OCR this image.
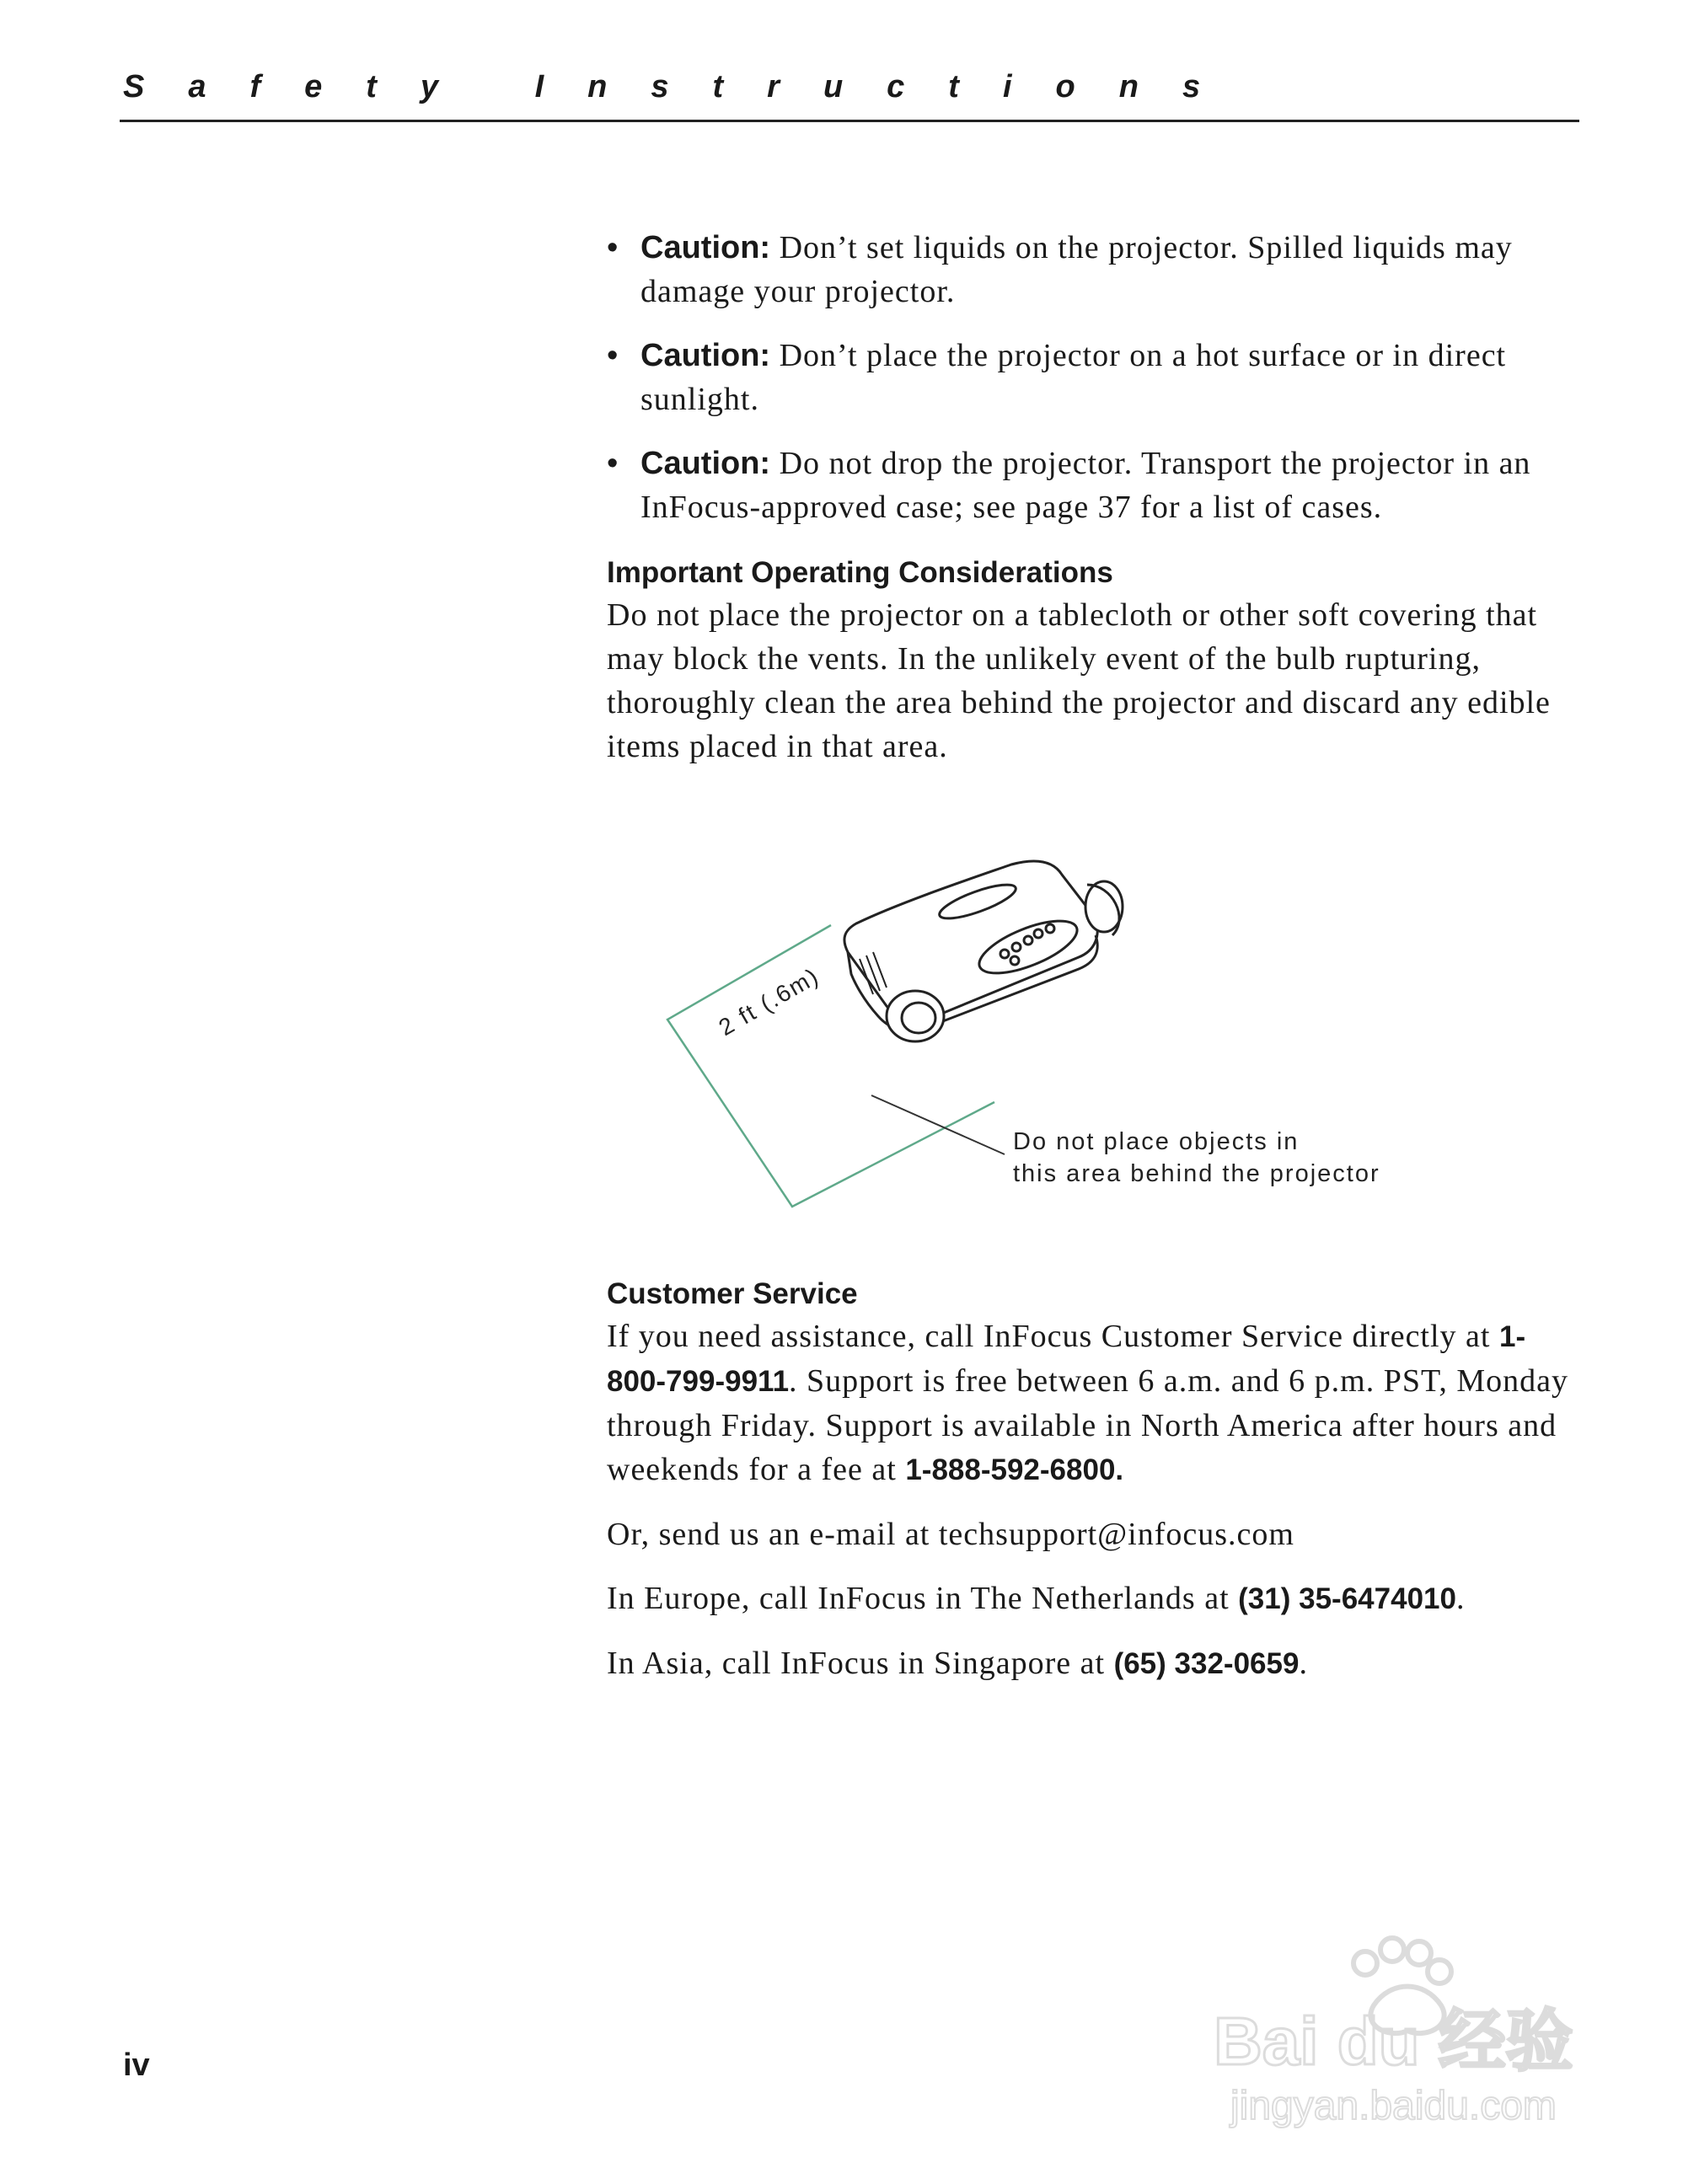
Safety Instructions
• Caution: Don’t set liquids on the projector. Spilled liquids may damage your projector.
• Caution: Don’t place the projector on a hot surface or in direct sunlight.
• Caution: Do not drop the projector. Transport the projector in an InFocus-approved case; see page 37 for a list of cases.
Important Operating Considerations

Do not place the projector on a tablecloth or other soft covering that may block the vents. In the unlikely event of the bulb rupturing, thoroughly clean the area behind the projector and discard any edible items placed in that area.

2 ft (.6m)

Do not place objects in
this area behind the projector

Customer Service

If you need assistance, call InFocus Customer Service directly at 1-800-799-9911. Support is free between 6 a.m. and 6 p.m. PST, Monday through Friday. Support is available in North America after hours and weekends for a fee at 1-888-592-6800.

Or, send us an e-mail at techsupport@infocus.com

In Europe, call InFocus in The Netherlands at (31) 35-6474010.

In Asia, call InFocus in Singapore at (65) 332-0659.

iv	Bai du 经验
jingyan.baidu.com
